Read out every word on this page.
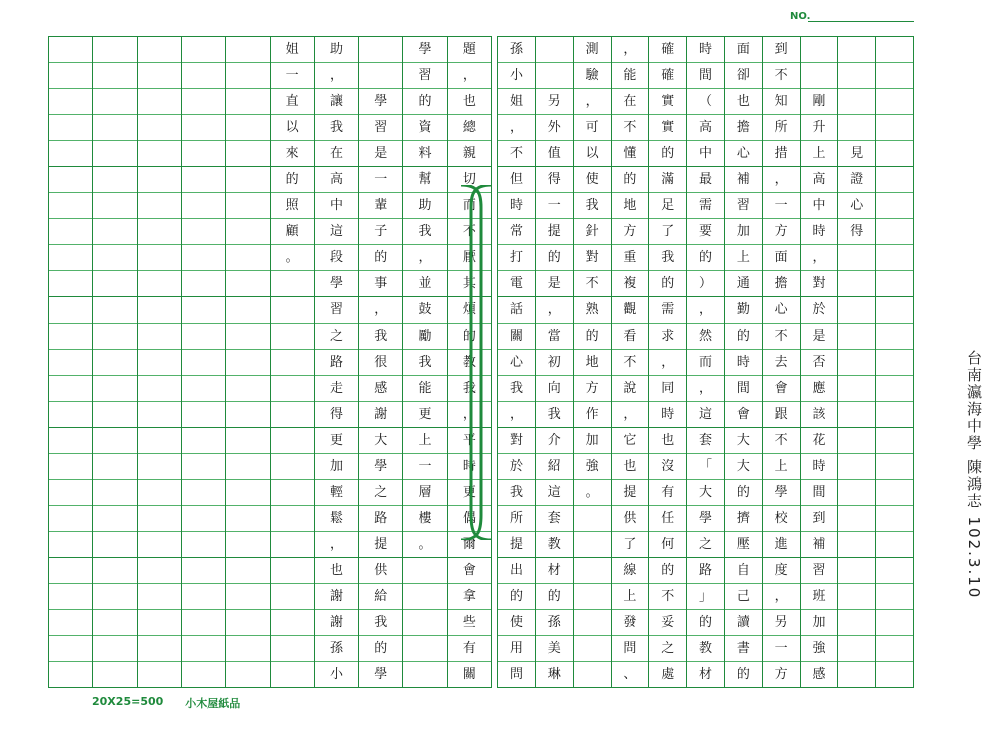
NO.
見
證
心
得
剛
升
上
高
中
時
，
對
於
是
否
應
該
花
時
間
到
補
習
班
加
強
感
到
不
知
所
措
，
一
方
面
擔
心
不
去
會
跟
不
上
學
校
進
度
，
另
一
方
面
卻
也
擔
心
補
習
加
上
通
勤
的
時
間
會
大
大
的
擠
壓
自
己
讀
書
的
時
間
（
高
中
最
需
要
的
）
，
然
而
，
這
套
「
大
學
之
路
」
的
教
材
確
確
實
實
的
滿
足
了
我
的
需
求
，
同
時
也
沒
有
任
何
的
不
妥
之
處
，
能
在
不
懂
的
地
方
重
複
觀
看
不
說
，
它
也
提
供
了
線
上
發
問
、
測
驗
，
可
以
使
我
針
對
不
熟
的
地
方
作
加
強
。
另
外
值
得
一
提
的
是
，
當
初
向
我
介
紹
這
套
教
材
的
孫
美
琳
孫
小
姐
，
不
但
時
常
打
電
話
關
心
我
，
對
於
我
所
提
出
的
使
用
問
題
，
也
總
親
切
而
不
厭
其
煩
的
教
我
，
平
時
更
偶
爾
會
拿
些
有
關
學
習
的
資
料
幫
助
我
，
並
鼓
勵
我
能
更
上
一
層
樓
。
學
習
是
一
輩
子
的
事
，
我
很
感
謝
大
學
之
路
提
供
給
我
的
學
助
，
讓
我
在
高
中
這
段
學
習
之
路
走
得
更
加
輕
鬆
，
也
謝
謝
孫
小
姐
一
直
以
來
的
照
顧
。
20X25=500 小木屋紙品
台南瀛海中學 陳鴻志 102.3.10
